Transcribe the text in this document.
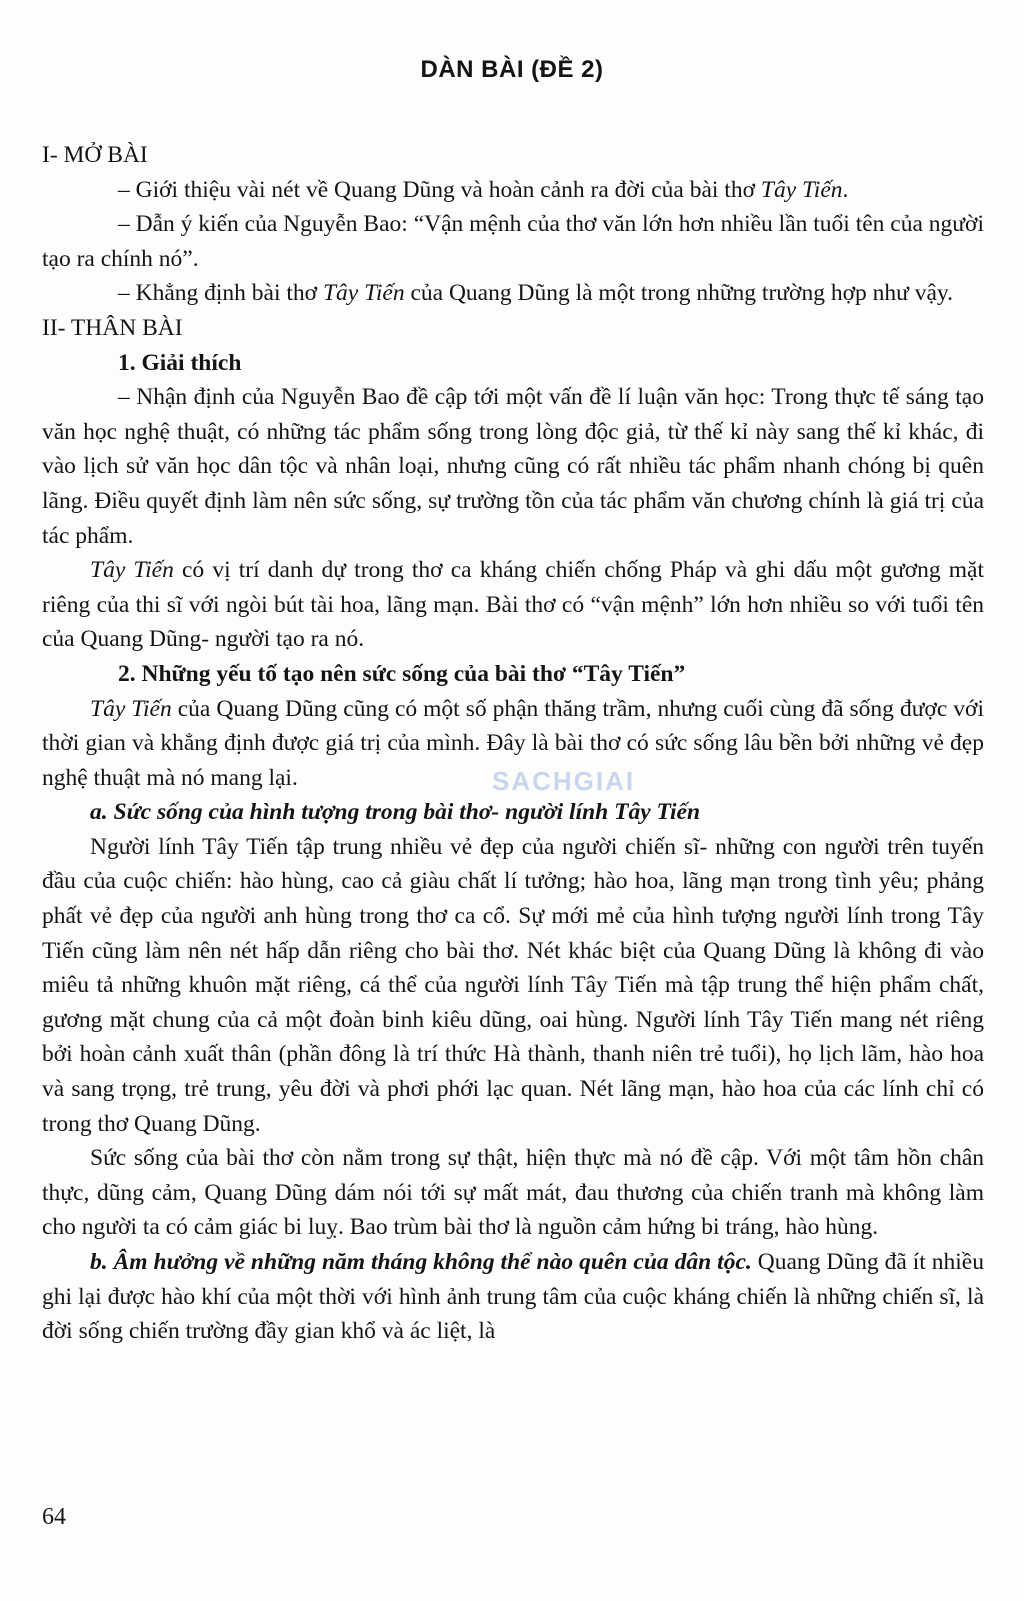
DÀN BÀI (ĐỀ 2)

I- MỞ BÀI

– Giới thiệu vài nét về Quang Dũng và hoàn cảnh ra đời của bài thơ Tây Tiến.

– Dẫn ý kiến của Nguyễn Bao: “Vận mệnh của thơ văn lớn hơn nhiều lần tuổi tên của người tạo ra chính nó”.

– Khẳng định bài thơ Tây Tiến của Quang Dũng là một trong những trường hợp như vậy.

II- THÂN BÀI

1. Giải thích

– Nhận định của Nguyễn Bao đề cập tới một vấn đề lí luận văn học: Trong thực tế sáng tạo văn học nghệ thuật, có những tác phẩm sống trong lòng độc giả, từ thế kỉ này sang thế kỉ khác, đi vào lịch sử văn học dân tộc và nhân loại, nhưng cũng có rất nhiều tác phẩm nhanh chóng bị quên lãng. Điều quyết định làm nên sức sống, sự trường tồn của tác phẩm văn chương chính là giá trị của tác phẩm.

Tây Tiến có vị trí danh dự trong thơ ca kháng chiến chống Pháp và ghi dấu một gương mặt riêng của thi sĩ với ngòi bút tài hoa, lãng mạn. Bài thơ có “vận mệnh” lớn hơn nhiều so với tuổi tên của Quang Dũng- người tạo ra nó.

2. Những yếu tố tạo nên sức sống của bài thơ “Tây Tiến”

Tây Tiến của Quang Dũng cũng có một số phận thăng trầm, nhưng cuối cùng đã sống được với thời gian và khẳng định được giá trị của mình. Đây là bài thơ có sức sống lâu bền bởi những vẻ đẹp nghệ thuật mà nó mang lại.

a. Sức sống của hình tượng trong bài thơ- người lính Tây Tiến

Người lính Tây Tiến tập trung nhiều vẻ đẹp của người chiến sĩ- những con người trên tuyến đầu của cuộc chiến: hào hùng, cao cả giàu chất lí tưởng; hào hoa, lãng mạn trong tình yêu; phảng phất vẻ đẹp của người anh hùng trong thơ ca cổ. Sự mới mẻ của hình tượng người lính trong Tây Tiến cũng làm nên nét hấp dẫn riêng cho bài thơ. Nét khác biệt của Quang Dũng là không đi vào miêu tả những khuôn mặt riêng, cá thể của người lính Tây Tiến mà tập trung thể hiện phẩm chất, gương mặt chung của cả một đoàn binh kiêu dũng, oai hùng. Người lính Tây Tiến mang nét riêng bởi hoàn cảnh xuất thân (phần đông là trí thức Hà thành, thanh niên trẻ tuổi), họ lịch lãm, hào hoa và sang trọng, trẻ trung, yêu đời và phơi phới lạc quan. Nét lãng mạn, hào hoa của các lính chỉ có trong thơ Quang Dũng.

Sức sống của bài thơ còn nằm trong sự thật, hiện thực mà nó đề cập. Với một tâm hồn chân thực, dũng cảm, Quang Dũng dám nói tới sự mất mát, đau thương của chiến tranh mà không làm cho người ta có cảm giác bi luỵ. Bao trùm bài thơ là nguồn cảm hứng bi tráng, hào hùng.

b. Âm hưởng về những năm tháng không thể nào quên của dân tộc. Quang Dũng đã ít nhiều ghi lại được hào khí của một thời với hình ảnh trung tâm của cuộc kháng chiến là những chiến sĩ, là đời sống chiến trường đầy gian khổ và ác liệt, là

SACHGIAI
64
